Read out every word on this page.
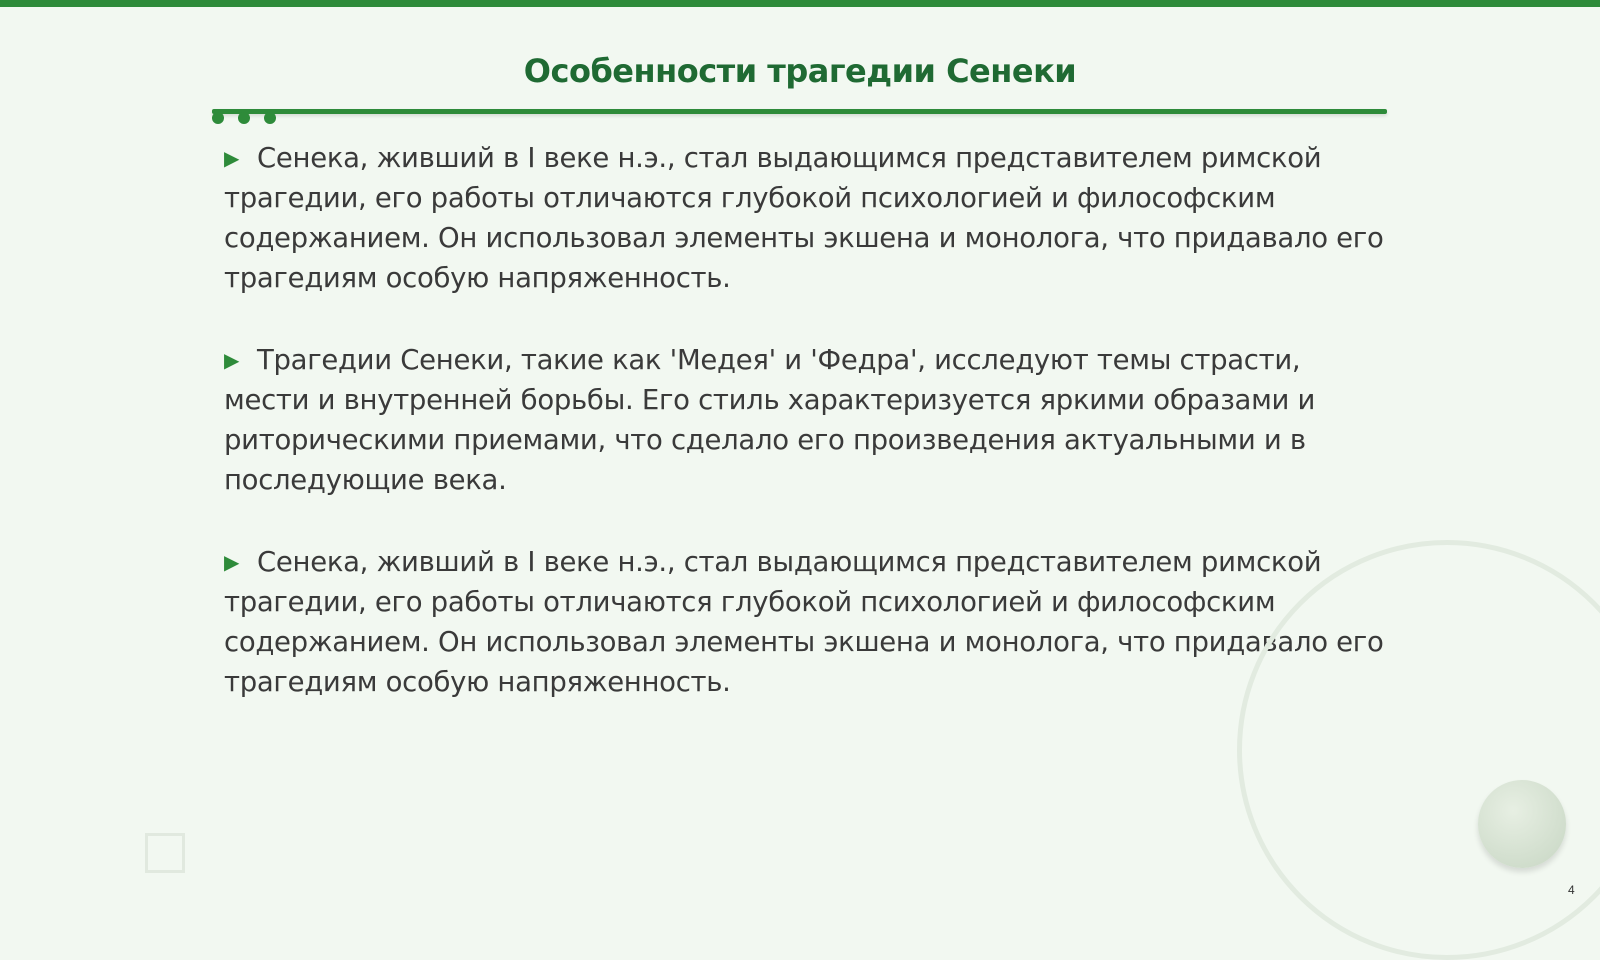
Особенности трагедии Сенеки

▶ Сенека, живший в I веке н.э., стал выдающимся представителем римской трагедии, его работы отличаются глубокой психологией и философским содержанием. Он использовал элементы экшена и монолога, что придавало его трагедиям особую напряженность.

▶ Трагедии Сенеки, такие как 'Медея' и 'Федра', исследуют темы страсти, мести и внутренней борьбы. Его стиль характеризуется яркими образами и риторическими приемами, что сделало его произведения актуальными и в последующие века.

▶ Сенека, живший в I веке н.э., стал выдающимся представителем римской трагедии, его работы отличаются глубокой психологией и философским содержанием. Он использовал элементы экшена и монолога, что придавало его трагедиям особую напряженность.

4
